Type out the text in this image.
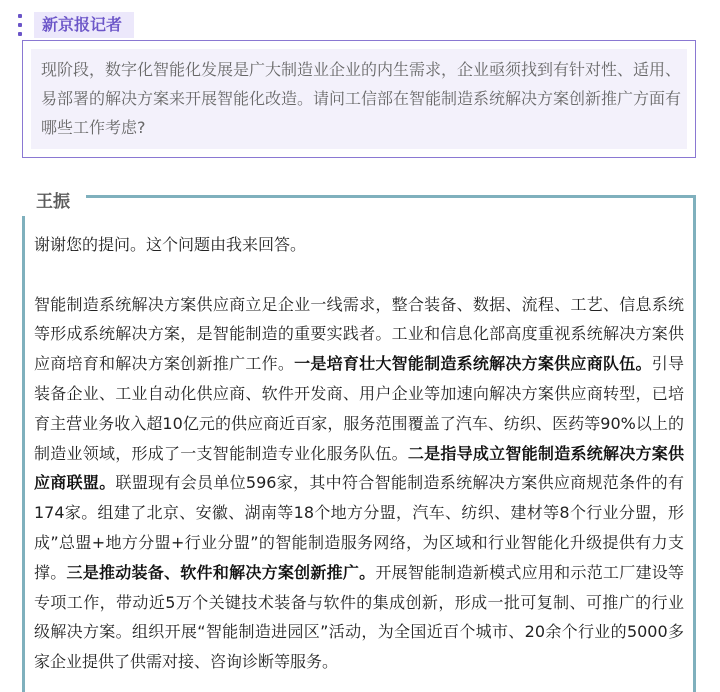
新京报记者

现阶段，数字化智能化发展是广大制造业企业的内生需求，企业亟须找到有针对性、适用、易部署的解决方案来开展智能化改造。请问工信部在智能制造系统解决方案创新推广方面有哪些工作考虑?

王振

谢谢您的提问。这个问题由我来回答。

智能制造系统解决方案供应商立足企业一线需求，整合装备、数据、流程、工艺、信息系统等形成系统解决方案，是智能制造的重要实践者。工业和信息化部高度重视系统解决方案供应商培育和解决方案创新推广工作。一是培育壮大智能制造系统解决方案供应商队伍。引导装备企业、工业自动化供应商、软件开发商、用户企业等加速向解决方案供应商转型，已培育主营业务收入超10亿元的供应商近百家，服务范围覆盖了汽车、纺织、医药等90%以上的制造业领域，形成了一支智能制造专业化服务队伍。二是指导成立智能制造系统解决方案供应商联盟。联盟现有会员单位596家，其中符合智能制造系统解决方案供应商规范条件的有174家。组建了北京、安徽、湖南等18个地方分盟，汽车、纺织、建材等8个行业分盟，形成”总盟+地方分盟+行业分盟”的智能制造服务网络，为区域和行业智能化升级提供有力支撑。三是推动装备、软件和解决方案创新推广。开展智能制造新模式应用和示范工厂建设等专项工作，带动近5万个关键技术装备与软件的集成创新，形成一批可复制、可推广的行业级解决方案。组织开展“智能制造进园区”活动，为全国近百个城市、20余个行业的5000多家企业提供了供需对接、咨询诊断等服务。
